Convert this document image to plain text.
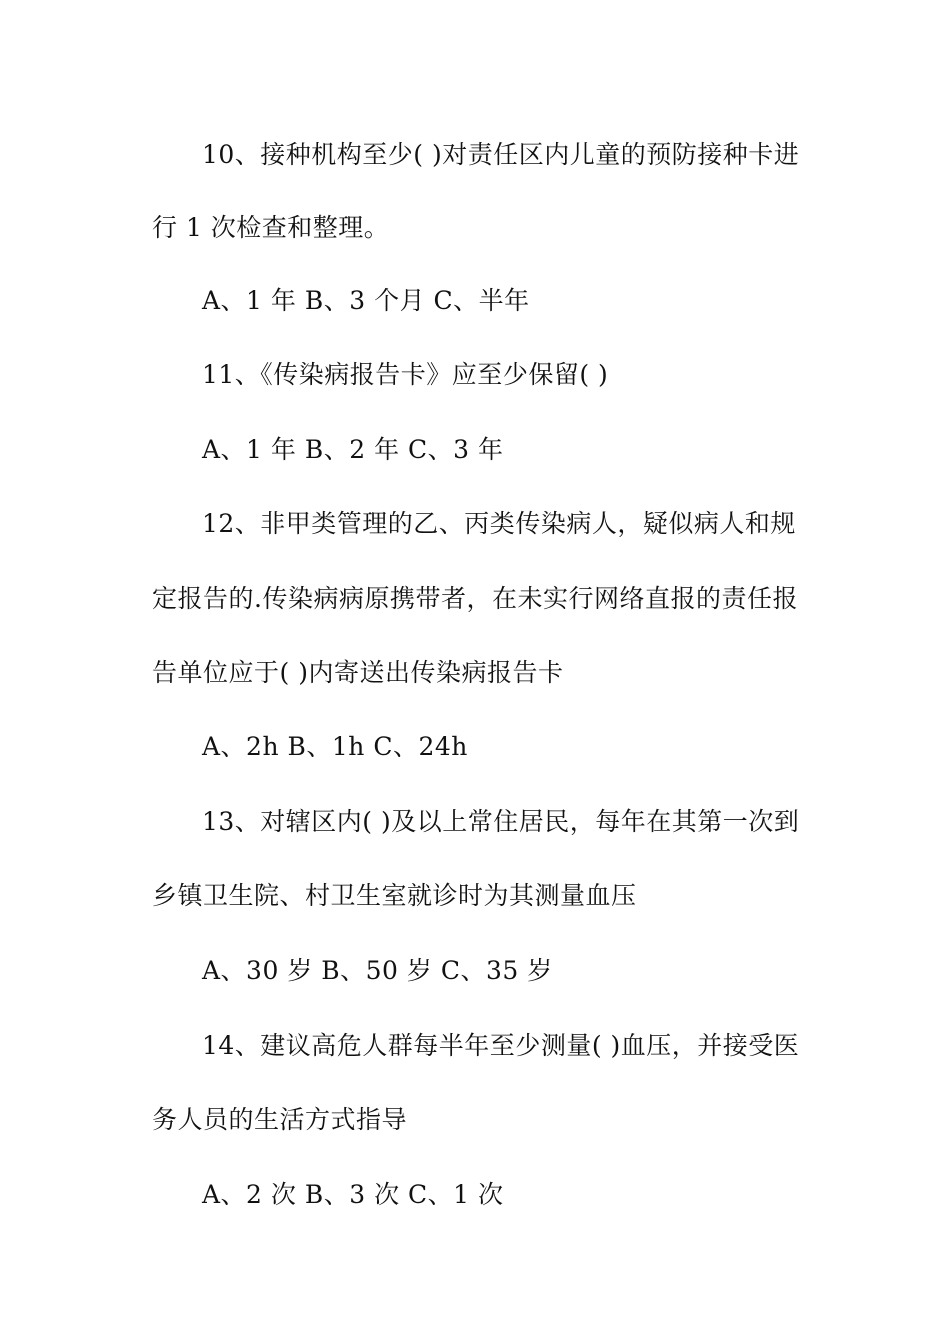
10、接种机构至少( )对责任区内儿童的预防接种卡进
行 1 次检查和整理。
A、1 年 B、3 个月 C、半年
11、《传染病报告卡》应至少保留( )
A、1 年 B、2 年 C、3 年
12、非甲类管理的乙、丙类传染病人，疑似病人和规
定报告的.传染病病原携带者，在未实行网络直报的责任报
告单位应于( )内寄送出传染病报告卡
A、2h B、1h C、24h
13、对辖区内( )及以上常住居民，每年在其第一次到
乡镇卫生院、村卫生室就诊时为其测量血压
A、30 岁 B、50 岁 C、35 岁
14、建议高危人群每半年至少测量( )血压，并接受医
务人员的生活方式指导
A、2 次 B、3 次 C、1 次
